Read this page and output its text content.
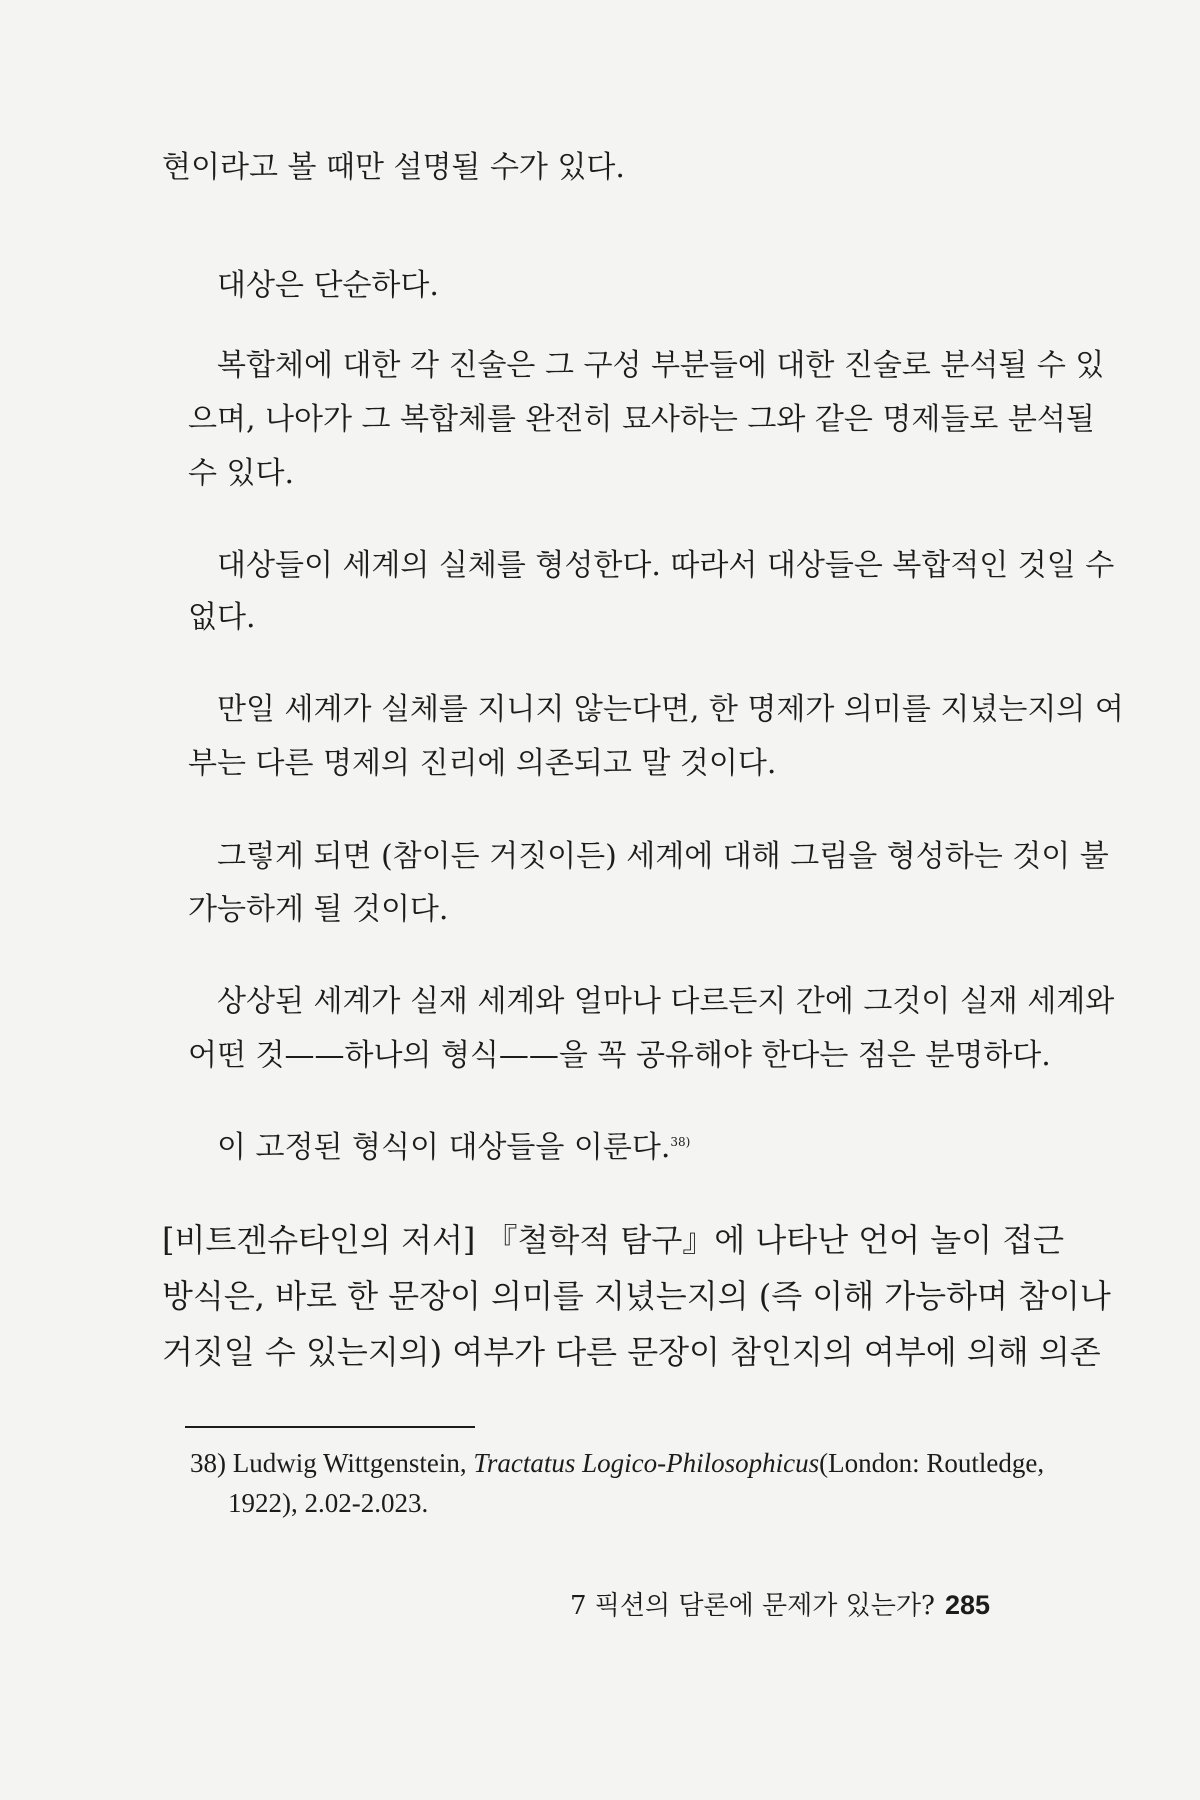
현이라고 볼 때만 설명될 수가 있다.
대상은 단순하다.
복합체에 대한 각 진술은 그 구성 부분들에 대한 진술로 분석될 수 있
으며, 나아가 그 복합체를 완전히 묘사하는 그와 같은 명제들로 분석될
수 있다.
대상들이 세계의 실체를 형성한다. 따라서 대상들은 복합적인 것일 수
없다.
만일 세계가 실체를 지니지 않는다면, 한 명제가 의미를 지녔는지의 여
부는 다른 명제의 진리에 의존되고 말 것이다.
그렇게 되면 (참이든 거짓이든) 세계에 대해 그림을 형성하는 것이 불
가능하게 될 것이다.
상상된 세계가 실재 세계와 얼마나 다르든지 간에 그것이 실재 세계와
어떤 것——하나의 형식——을 꼭 공유해야 한다는 점은 분명하다.
이 고정된 형식이 대상들을 이룬다.$^{38)}$
[비트겐슈타인의 저서] 『철학적 탐구』에 나타난 언어 놀이 접근
방식은, 바로 한 문장이 의미를 지녔는지의 (즉 이해 가능하며 참이나
거짓일 수 있는지의) 여부가 다른 문장이 참인지의 여부에 의해 의존
38) Ludwig Wittgenstein, Tractatus Logico-Philosophicus(London: Routledge,
1922), 2.02-2.023.
7 픽션의 담론에 문제가 있는가? 285
